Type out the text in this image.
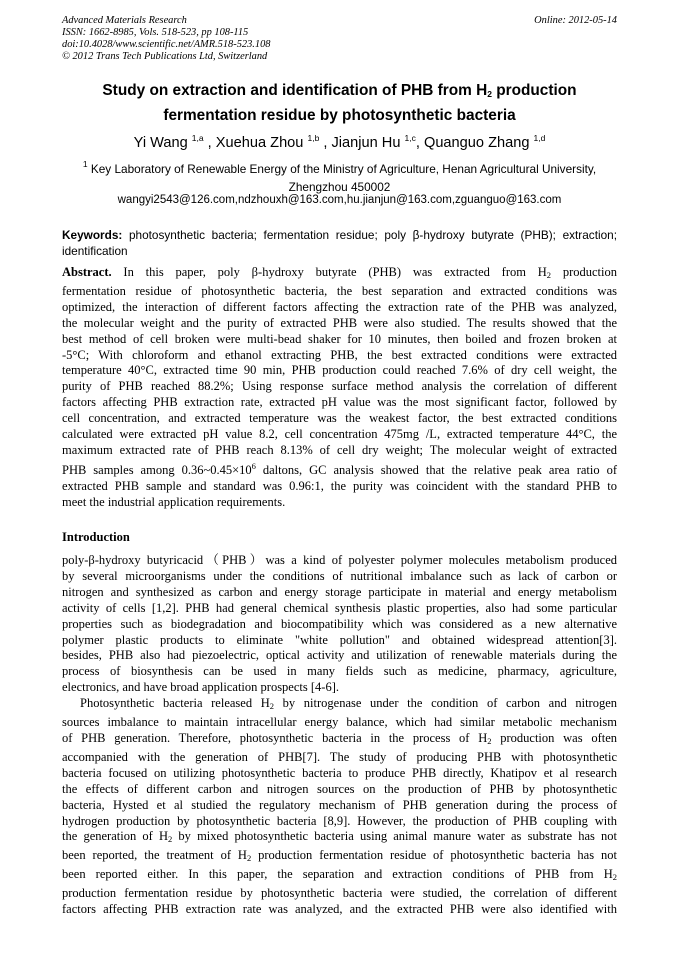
Advanced Materials Research
ISSN: 1662-8985, Vols. 518-523, pp 108-115
doi:10.4028/www.scientific.net/AMR.518-523.108
© 2012 Trans Tech Publications Ltd, Switzerland
Online: 2012-05-14
Study on extraction and identification of PHB from $H_2$ production
fermentation residue by photosynthetic bacteria
Yi Wang $^{1,a}$ , Xuehua Zhou $^{1,b}$ , Jianjun Hu $^{1,c}$, Quanguo Zhang $^{1,d}$
$^1$ Key Laboratory of Renewable Energy of the Ministry of Agriculture, Henan Agricultural University,
Zhengzhou 450002
wangyi2543@126.com,ndzhouxh@163.com,hu.jianjun@163.com,zguanguo@163.com
Keywords: photosynthetic bacteria; fermentation residue; poly β-hydroxy butyrate (PHB); extraction; identification
Abstract. In this paper, poly β-hydroxy butyrate (PHB) was extracted from $H_2$ production
fermentation residue of photosynthetic bacteria, the best separation and extracted conditions was
optimized, the interaction of different factors affecting the extraction rate of the PHB was analyzed,
the molecular weight and the purity of extracted PHB were also studied. The results showed that the
best method of cell broken were multi-bead shaker for 10 minutes, then boiled and frozen broken at
-5°C; With chloroform and ethanol extracting PHB, the best extracted conditions were extracted
temperature 40°C, extracted time 90 min, PHB production could reached 7.6% of dry cell weight, the
purity of PHB reached 88.2%; Using response surface method analysis the correlation of different
factors affecting PHB extraction rate, extracted pH value was the most significant factor, followed by
cell concentration, and extracted temperature was the weakest factor, the best extracted conditions
calculated were extracted pH value 8.2, cell concentration 475mg /L, extracted temperature 44°C, the
maximum extracted rate of PHB reach 8.13% of cell dry weight; The molecular weight of extracted
PHB samples among $0.36\sim 0.45\times 10^6$ daltons, GC analysis showed that the relative peak area ratio of
extracted PHB sample and standard was 0.96:1, the purity was coincident with the standard PHB to
meet the industrial application requirements.
Introduction
poly-β-hydroxy butyricacid（PHB）was a kind of polyester polymer molecules metabolism produced
by several microorganisms under the conditions of nutritional imbalance such as lack of carbon or
nitrogen and synthesized as carbon and energy storage participate in material and energy metabolism
activity of cells [1,2]. PHB had general chemical synthesis plastic properties, also had some particular
properties such as biodegradation and biocompatibility which was considered as a new alternative
polymer plastic products to eliminate "white pollution" and obtained widespread attention[3].
besides, PHB also had piezoelectric, optical activity and utilization of renewable materials during the
process of biosynthesis can be used in many fields such as medicine, pharmacy, agriculture,
electronics, and have broad application prospects [4-6].
Photosynthetic bacteria released $H_2$ by nitrogenase under the condition of carbon and nitrogen
sources imbalance to maintain intracellular energy balance, which had similar metabolic mechanism
of PHB generation. Therefore, photosynthetic bacteria in the process of $H_2$ production was often
accompanied with the generation of PHB[7]. The study of producing PHB with photosynthetic
bacteria focused on utilizing photosynthetic bacteria to produce PHB directly, Khatipov et al research
the effects of different carbon and nitrogen sources on the production of PHB by photosynthetic
bacteria, Hysted et al studied the regulatory mechanism of PHB generation during the process of
hydrogen production by photosynthetic bacteria [8,9]. However, the production of PHB coupling with
the generation of $H_2$ by mixed photosynthetic bacteria using animal manure water as substrate has not
been reported, the treatment of $H_2$ production fermentation residue of photosynthetic bacteria has not
been reported either. In this paper, the separation and extraction conditions of PHB from $H_2$
production fermentation residue by photosynthetic bacteria were studied, the correlation of different
factors affecting PHB extraction rate was analyzed, and the extracted PHB were also identified with
